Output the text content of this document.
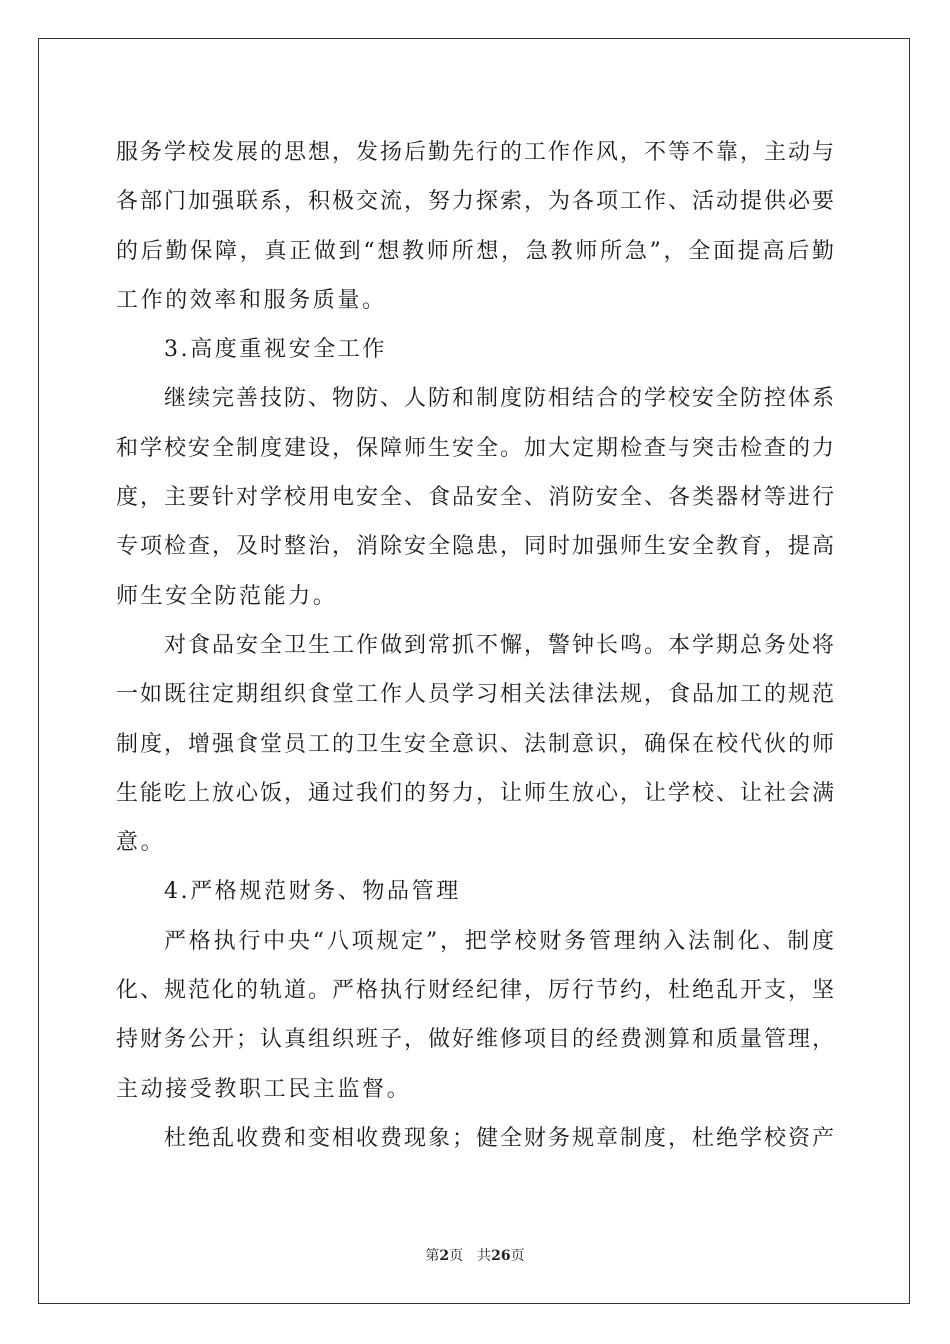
服务学校发展的思想，发扬后勤先行的工作作风，不等不靠，主动与
各部门加强联系，积极交流，努力探索，为各项工作、活动提供必要
的后勤保障，真正做到“想教师所想，急教师所急”，全面提高后勤
工作的效率和服务质量。
3.高度重视安全工作
继续完善技防、物防、人防和制度防相结合的学校安全防控体系
和学校安全制度建设，保障师生安全。加大定期检查与突击检查的力
度，主要针对学校用电安全、食品安全、消防安全、各类器材等进行
专项检查，及时整治，消除安全隐患，同时加强师生安全教育，提高
师生安全防范能力。
对食品安全卫生工作做到常抓不懈，警钟长鸣。本学期总务处将
一如既往定期组织食堂工作人员学习相关法律法规，食品加工的规范
制度，增强食堂员工的卫生安全意识、法制意识，确保在校代伙的师
生能吃上放心饭，通过我们的努力，让师生放心，让学校、让社会满
意。
4.严格规范财务、物品管理
严格执行中央“八项规定”，把学校财务管理纳入法制化、制度
化、规范化的轨道。严格执行财经纪律，厉行节约，杜绝乱开支，坚
持财务公开；认真组织班子，做好维修项目的经费测算和质量管理，
主动接受教职工民主监督。
杜绝乱收费和变相收费现象；健全财务规章制度，杜绝学校资产
第2页 共26页
